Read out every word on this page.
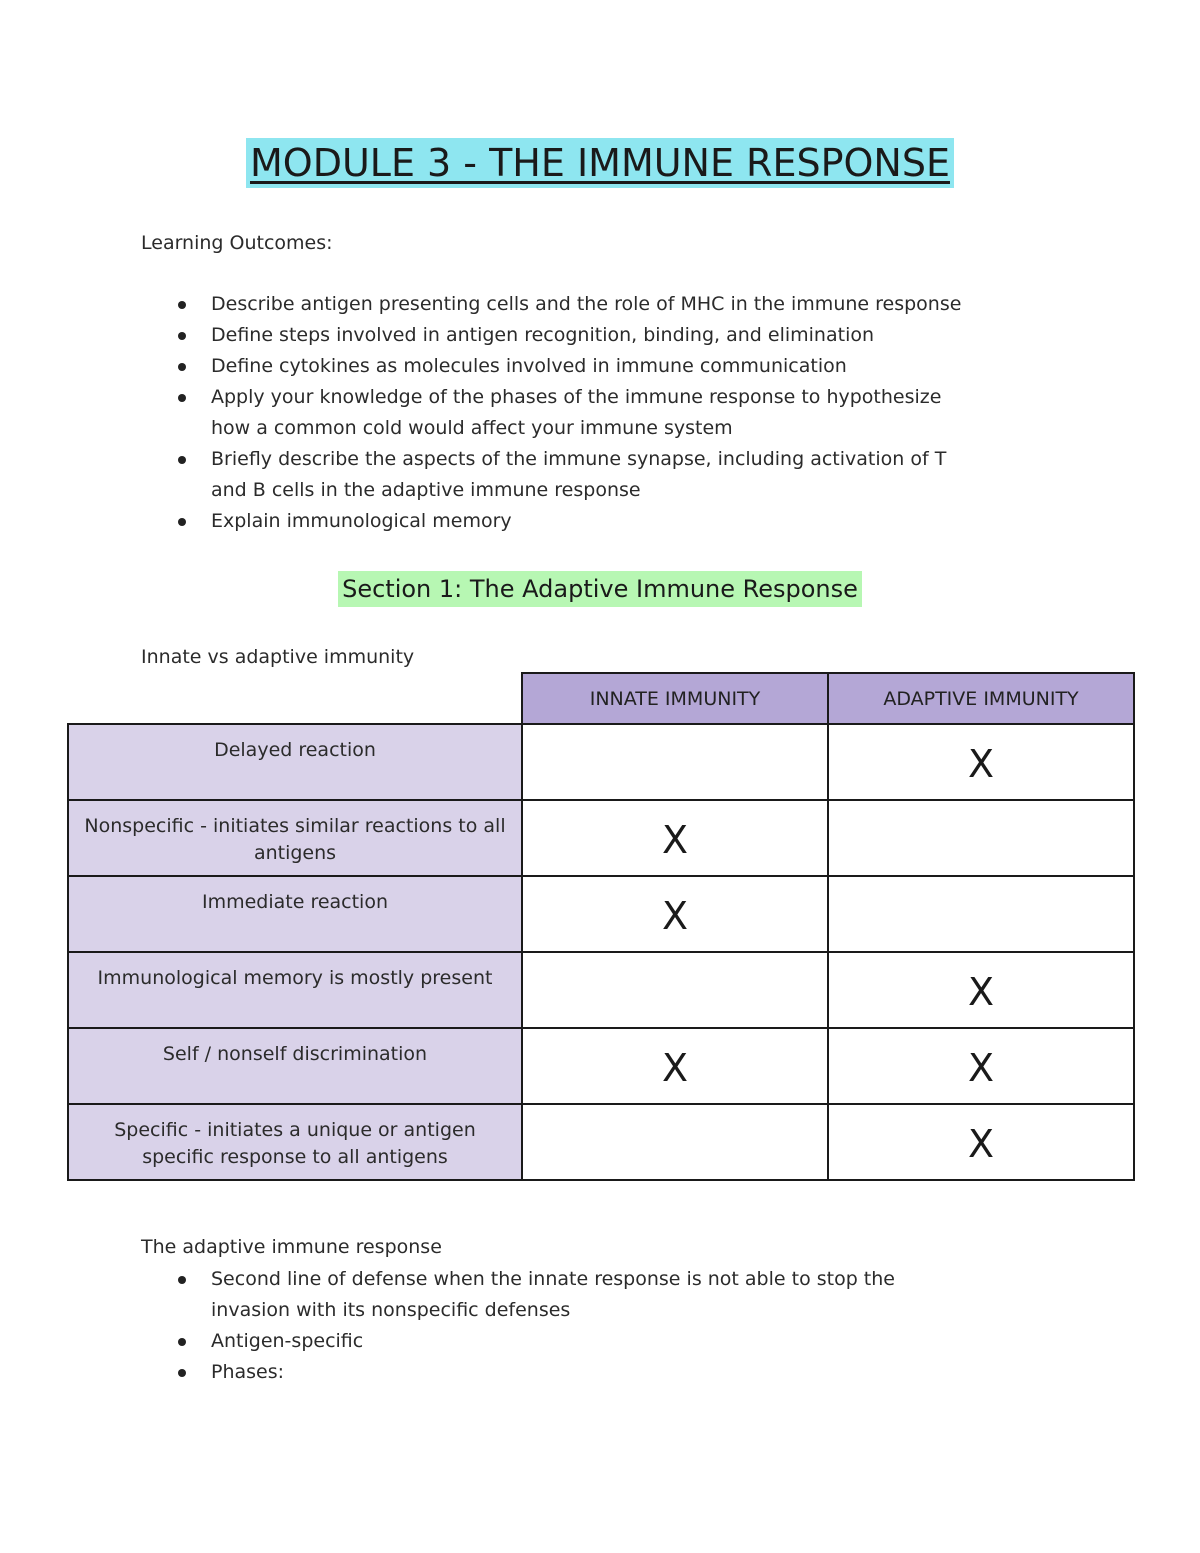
MODULE 3 - THE IMMUNE RESPONSE
Learning Outcomes:
Describe antigen presenting cells and the role of MHC in the immune response
Define steps involved in antigen recognition, binding, and elimination
Define cytokines as molecules involved in immune communication
Apply your knowledge of the phases of the immune response to hypothesize how a common cold would affect your immune system
Briefly describe the aspects of the immune synapse, including activation of T and B cells in the adaptive immune response
Explain immunological memory
Section 1: The Adaptive Immune Response
Innate vs adaptive immunity
	INNATE IMMUNITY	ADAPTIVE IMMUNITY
Delayed reaction		X
Nonspecific - initiates similar reactions to all antigens	X	
Immediate reaction	X	
Immunological memory is mostly present		X
Self / nonself discrimination	X	X
Specific - initiates a unique or antigen specific response to all antigens		X
The adaptive immune response
Second line of defense when the innate response is not able to stop the invasion with its nonspecific defenses
Antigen-specific
Phases:
